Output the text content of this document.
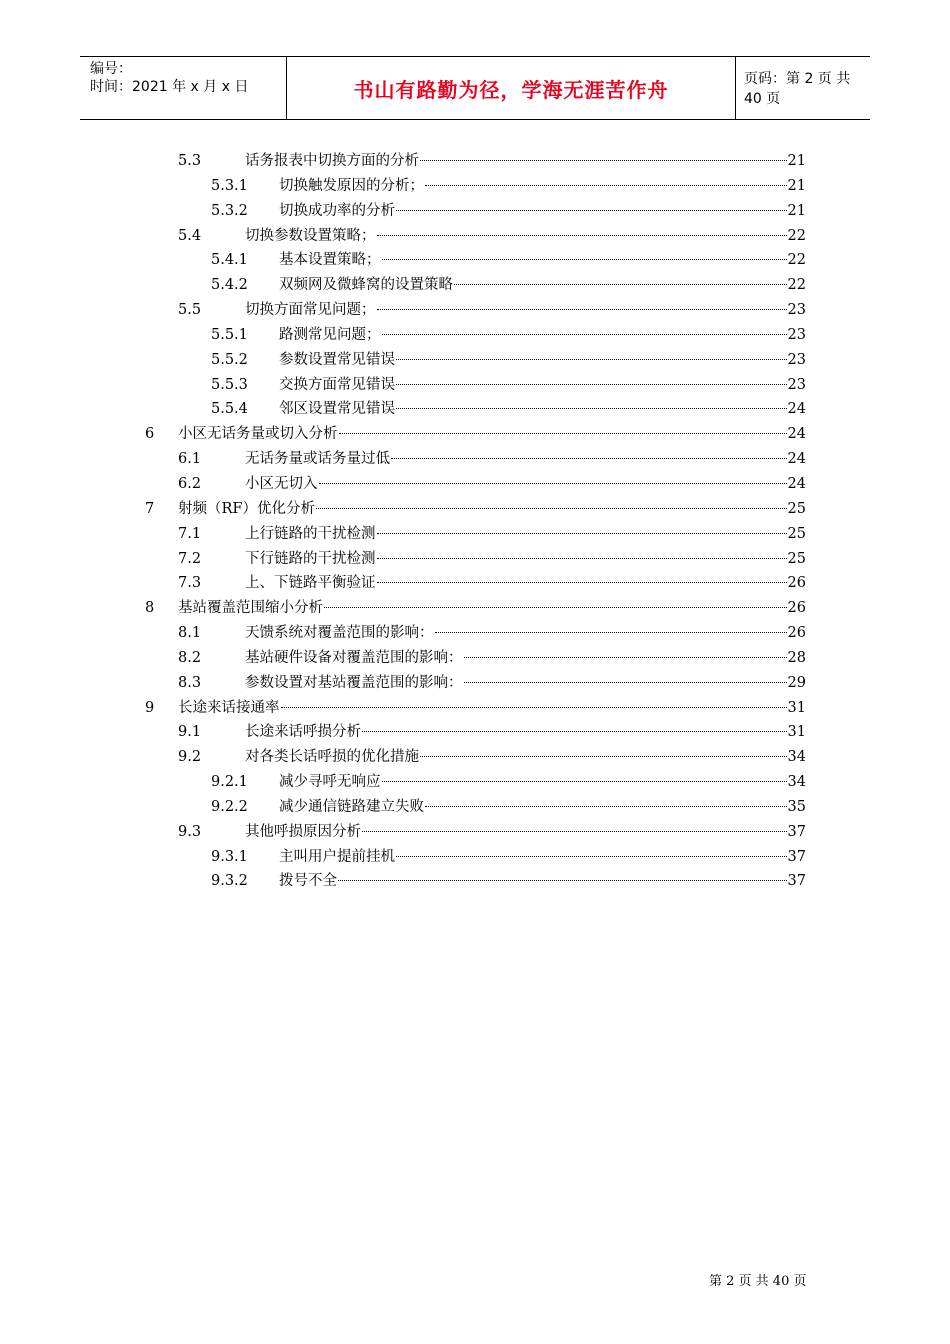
编号：
时间：2021 年 x 月 x 日	书山有路勤为径，学海无涯苦作舟	页码：第 2 页 共 40 页
5.3	话务报表中切换方面的分析	21
5.3.1 切换触发原因的分析；	21
5.3.2 切换成功率的分析	21
5.4	切换参数设置策略；	22
5.4.1 基本设置策略；	22
5.4.2 双频网及微蜂窝的设置策略	22
5.5	切换方面常见问题；	23
5.5.1 路测常见问题；	23
5.5.2 参数设置常见错误	23
5.5.3 交换方面常见错误	23
5.5.4 邻区设置常见错误	24
6 小区无话务量或切入分析	24
6.1	无话务量或话务量过低	24
6.2	小区无切入	24
7 射频（RF）优化分析	25
7.1	上行链路的干扰检测	25
7.2	下行链路的干扰检测	25
7.3	上、下链路平衡验证	26
8 基站覆盖范围缩小分析	26
8.1	天馈系统对覆盖范围的影响：	26
8.2	基站硬件设备对覆盖范围的影响：	28
8.3	参数设置对基站覆盖范围的影响：	29
9 长途来话接通率	31
9.1	长途来话呼损分析	31
9.2	对各类长话呼损的优化措施	34
9.2.1 减少寻呼无响应	34
9.2.2 减少通信链路建立失败	35
9.3	其他呼损原因分析	37
9.3.1 主叫用户提前挂机	37
9.3.2 拨号不全	37
第 2 页 共 40 页
